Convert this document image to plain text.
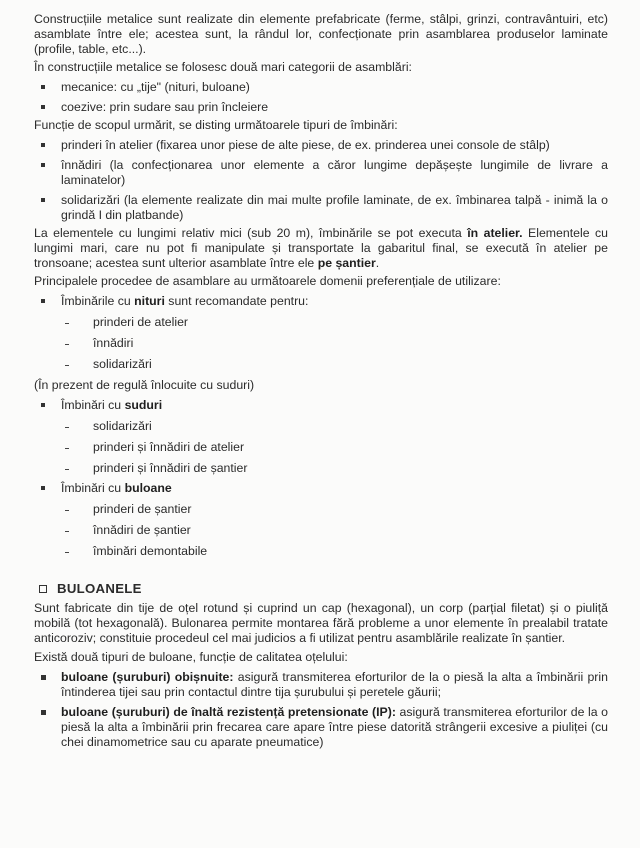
Construcțiile metalice sunt realizate din elemente prefabricate (ferme, stâlpi, grinzi, contravântuiri, etc) asamblate între ele; acestea sunt, la rândul lor, confecționate prin asamblarea produselor laminate (profile, table, etc...).

În construcțiile metalice se folosesc două mari categorii de asamblări:

mecanice: cu „tije" (nituri, buloane)
coezive: prin sudare sau prin încleiere

Funcție de scopul urmărit, se disting următoarele tipuri de îmbinări:

prinderi în atelier (fixarea unor piese de alte piese, de ex. prinderea unei console de stâlp)
înnădiri (la confecționarea unor elemente a căror lungime depășește lungimile de livrare a laminatelor)
solidarizări (la elemente realizate din mai multe profile laminate, de ex. îmbinarea talpă - inimă la o grindă I din platbande)

La elementele cu lungimi relativ mici (sub 20 m), îmbinările se pot executa în atelier. Elementele cu lungimi mari, care nu pot fi manipulate și transportate la gabaritul final, se execută în atelier pe tronsoane; acestea sunt ulterior asamblate între ele pe șantier.

Principalele procedee de asamblare au următoarele domenii preferențiale de utilizare:

Îmbinările cu nituri sunt recomandate pentru:
prinderi de atelier
înnădiri
solidarizări

(În prezent de regulă înlocuite cu suduri)

Îmbinări cu suduri
solidarizări
prinderi și înnădiri de atelier
prinderi și înnădiri de șantier
Îmbinări cu buloane
prinderi de șantier
înnădiri de șantier
îmbinări demontabile
BULOANELE

Sunt fabricate din tije de oțel rotund și cuprind un cap (hexagonal), un corp (parțial filetat) și o piuliță mobilă (tot hexagonală). Bulonarea permite montarea fără probleme a unor elemente în prealabil tratate anticoroziv; constituie procedeul cel mai judicios a fi utilizat pentru asamblările realizate în șantier.

Există două tipuri de buloane, funcție de calitatea oțelului:

buloane (șuruburi) obișnuite: asigură transmiterea eforturilor de la o piesă la alta a îmbinării prin întinderea tijei sau prin contactul dintre tija șurubului și peretele găurii;
buloane (șuruburi) de înaltă rezistență pretensionate (IP): asigură transmiterea eforturilor de la o piesă la alta a îmbinării prin frecarea care apare între piese datorită strângerii excesive a piuliței (cu chei dinamometrice sau cu aparate pneumatice)
